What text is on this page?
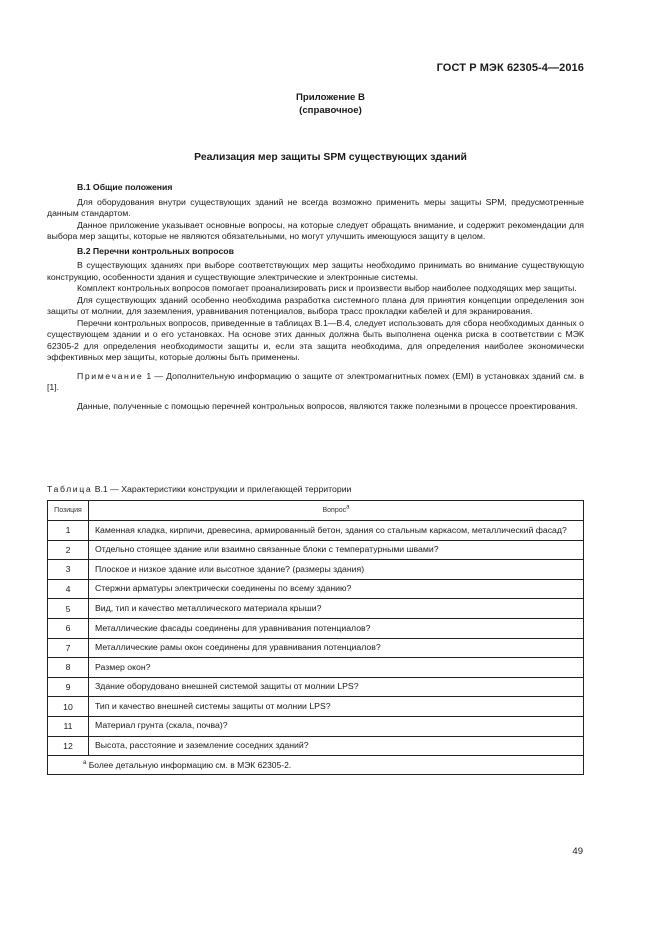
ГОСТ Р МЭК 62305-4—2016
Приложение В
(справочное)
Реализация мер защиты SPM существующих зданий
B.1 Общие положения

Для оборудования внутри существующих зданий не всегда возможно применить меры защиты SPM, предусмотренные данным стандартом.

Данное приложение указывает основные вопросы, на которые следует обращать внимание, и содержит рекомендации для выбора мер защиты, которые не являются обязательными, но могут улучшить имеющуюся защиту в целом.

B.2 Перечни контрольных вопросов

В существующих зданиях при выборе соответствующих мер защиты необходимо принимать во внимание существующую конструкцию, особенности здания и существующие электрические и электронные системы.

Комплект контрольных вопросов помогает проанализировать риск и произвести выбор наиболее подходящих мер защиты.

Для существующих зданий особенно необходима разработка системного плана для принятия концепции определения зон защиты от молнии, для заземления, уравнивания потенциалов, выбора трасс прокладки кабелей и для экранирования.

Перечни контрольных вопросов, приведенные в таблицах B.1—B.4, следует использовать для сбора необходимых данных о существующем здании и о его установках. На основе этих данных должна быть выполнена оценка риска в соответствии с МЭК 62305-2 для определения необходимости защиты и, если эта защита необходима, для определения наиболее экономически эффективных мер защиты, которые должны быть применены.

Примечание 1 — Дополнительную информацию о защите от электромагнитных помех (EMI) в установках зданий см. в [1].

Данные, полученные с помощью перечней контрольных вопросов, являются также полезными в процессе проектирования.

Таблица B.1 — Характеристики конструкции и прилегающей территории
Позиция	Вопрос$^a$
1	Каменная кладка, кирпичи, древесина, армированный бетон, здания со стальным каркасом, металлический фасад?
2	Отдельно стоящее здание или взаимно связанные блоки с температурными швами?
3	Плоское и низкое здание или высотное здание? (размеры здания)
4	Стержни арматуры электрически соединены по всему зданию?
5	Вид, тип и качество металлического материала крыши?
6	Металлические фасады соединены для уравнивания потенциалов?
7	Металлические рамы окон соединены для уравнивания потенциалов?
8	Размер окон?
9	Здание оборудовано внешней системой защиты от молнии LPS?
10	Тип и качество внешней системы защиты от молнии LPS?
11	Материал грунта (скала, почва)?
12	Высота, расстояние и заземление соседних зданий?
$^a$ Более детальную информацию см. в МЭК 62305-2.	
49
